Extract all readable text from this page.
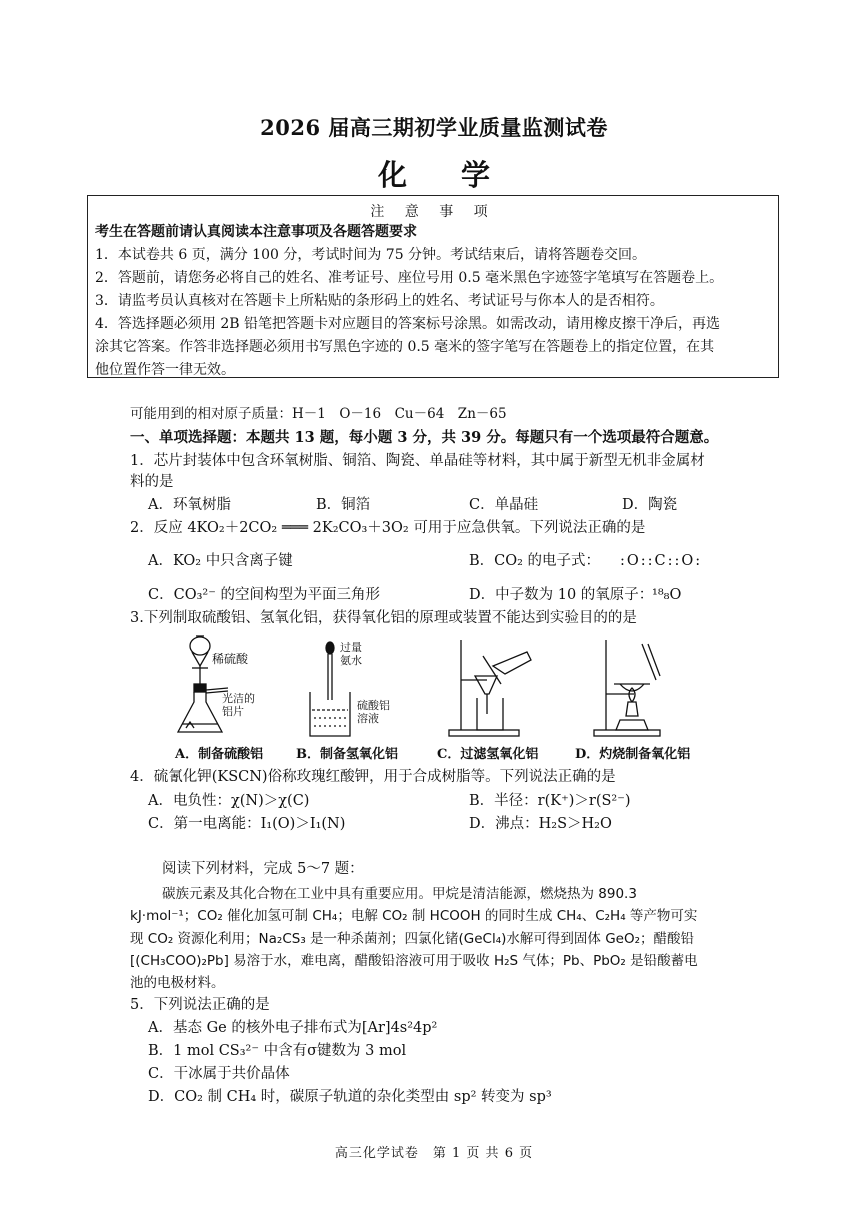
2026 届高三期初学业质量监测试卷
化 学
注 意 事 项
考生在答题前请认真阅读本注意事项及各题答题要求
1．本试卷共 6 页，满分 100 分，考试时间为 75 分钟。考试结束后，请将答题卷交回。
2．答题前，请您务必将自己的姓名、准考证号、座位号用 0.5 毫米黑色字迹签字笔填写在答题卷上。
3．请监考员认真核对在答题卡上所粘贴的条形码上的姓名、考试证号与你本人的是否相符。
4．答选择题必须用 2B 铅笔把答题卡对应题目的答案标号涂黑。如需改动，请用橡皮擦干净后，再选
涂其它答案。作答非选择题必须用书写黑色字迹的 0.5 毫米的签字笔写在答题卷上的指定位置，在其
他位置作答一律无效。
可能用到的相对原子质量：H－1　O－16　Cu－64　Zn－65
一、单项选择题：本题共 13 题，每小题 3 分，共 39 分。每题只有一个选项最符合题意。
1．芯片封装体中包含环氧树脂、铜箔、陶瓷、单晶硅等材料，其中属于新型无机非金属材
料的是
A．环氧树脂	B．铜箔	C．单晶硅	D．陶瓷
2．反应 4KO₂＋2CO₂ ═══ 2K₂CO₃＋3O₂ 可用于应急供氧。下列说法正确的是
A．KO₂ 中只含离子键	B．CO₂ 的电子式： :O::C::O:
C．CO₃²⁻ 的空间构型为平面三角形	D．中子数为 10 的氧原子：
¹⁸₈O
3.下列制取硫酸铝、氢氧化铝，获得氧化铝的原理或装置不能达到实验目的的是
稀硫酸
光洁的
铝片
过量
氨水
硫酸铝
溶液
A．制备硫酸铝	B．制备氢氧化铝	C．过滤氢氧化铝	D．灼烧制备氧化铝
4．硫氰化钾(KSCN)俗称玫瑰红酸钾，用于合成树脂等。下列说法正确的是
A．电负性：χ(N)＞χ(C)	B．半径：r(K⁺)＞r(S²⁻)
C．第一电离能：I₁(O)＞I₁(N)	D．沸点：H₂S＞H₂O
阅读下列材料，完成 5～7 题：
碳族元素及其化合物在工业中具有重要应用。甲烷是清洁能源，燃烧热为 890.3
kJ·mol⁻¹；CO₂ 催化加氢可制 CH₄；电解 CO₂ 制 HCOOH 的同时生成 CH₄、C₂H₄ 等产物可实
现 CO₂ 资源化利用；Na₂CS₃ 是一种杀菌剂；四氯化锗(GeCl₄)水解可得到固体 GeO₂；醋酸铅
[(CH₃COO)₂Pb] 易溶于水，难电离，醋酸铅溶液可用于吸收 H₂S 气体；Pb、PbO₂ 是铅酸蓄电
池的电极材料。
5．下列说法正确的是
A．基态 Ge 的核外电子排布式为[Ar]4s²4p²
B．1 mol CS₃²⁻ 中含有σ键数为 3 mol
C．干冰属于共价晶体
D．CO₂ 制 CH₄ 时，碳原子轨道的杂化类型由 sp² 转变为 sp³
高三化学试卷　第 1 页 共 6 页
